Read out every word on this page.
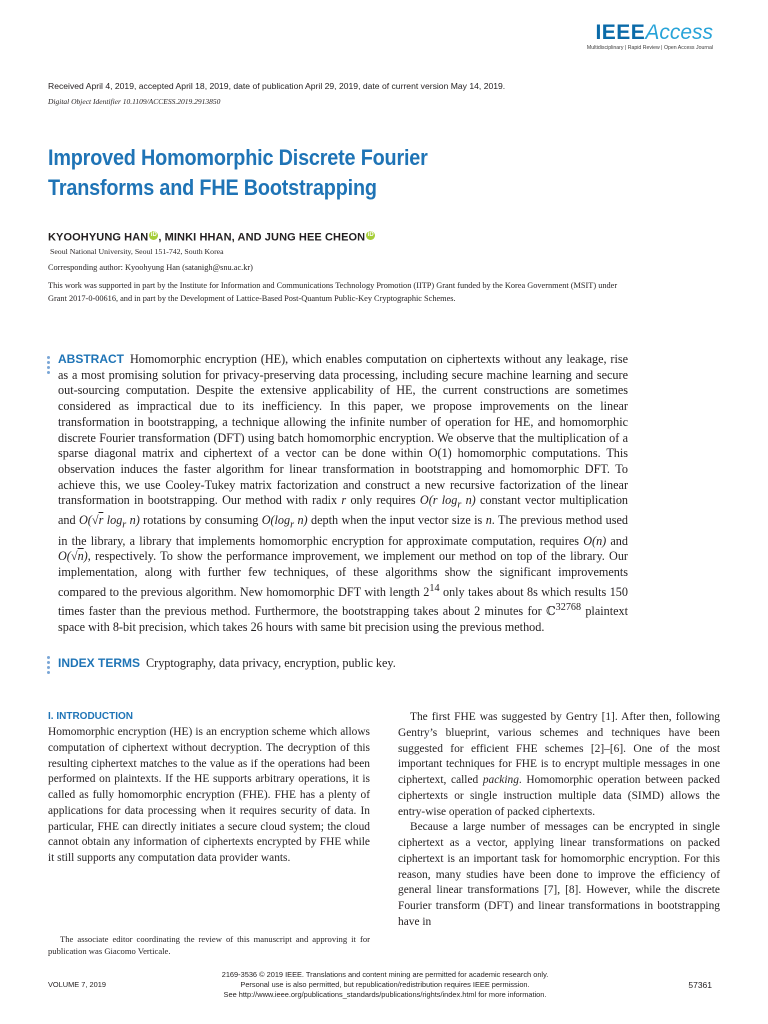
IEEEAccess
Multidisciplinary | Rapid Review | Open Access Journal
Received April 4, 2019, accepted April 18, 2019, date of publication April 29, 2019, date of current version May 14, 2019.
Digital Object Identifier 10.1109/ACCESS.2019.2913850
Improved Homomorphic Discrete Fourier
Transforms and FHE Bootstrapping
KYOOHYUNG HAN iD, MINKI HHAN, AND JUNG HEE CHEON iD
Seoul National University, Seoul 151-742, South Korea
Corresponding author: Kyoohyung Han (satanigh@snu.ac.kr)
This work was supported in part by the Institute for Information and Communications Technology Promotion (IITP) Grant funded by the Korea Government (MSIT) under Grant 2017-0-00616, and in part by the Development of Lattice-Based Post-Quantum Public-Key Cryptographic Schemes.
ABSTRACT Homomorphic encryption (HE), which enables computation on ciphertexts without any leakage, rise as a most promising solution for privacy-preserving data processing, including secure machine learning and secure out-sourcing computation. Despite the extensive applicability of HE, the current constructions are sometimes considered as impractical due to its inefficiency. In this paper, we propose improvements on the linear transformation in bootstrapping, a technique allowing the infinite number of operation for HE, and homomorphic discrete Fourier transformation (DFT) using batch homomorphic encryption. We observe that the multiplication of a sparse diagonal matrix and ciphertext of a vector can be done within O(1) homomorphic computations. This observation induces the faster algorithm for linear transformation in bootstrapping and homomorphic DFT. To achieve this, we use Cooley-Tukey matrix factorization and construct a new recursive factorization of the linear transformation in bootstrapping. Our method with radix r only requires O(r $\log_r n$) constant vector multiplication and O(√r $\log_r n$) rotations by consuming $O(\log_r$ n) depth when the input vector size is n. The previous method used in the library, a library that implements homomorphic encryption for approximate computation, requires O(n) and O(√n), respectively. To show the performance improvement, we implement our method on top of the library. Our implementation, along with further few techniques, of these algorithms show the significant improvements compared to the previous algorithm. New homomorphic DFT with length $2^{14}$ only takes about 8s which results 150 times faster than the previous method. Furthermore, the bootstrapping takes about 2 minutes for ℂ$^{32768}$ plaintext space with 8-bit precision, which takes 26 hours with same bit precision using the previous method.
INDEX TERMS Cryptography, data privacy, encryption, public key.
I. INTRODUCTION

Homomorphic encryption (HE) is an encryption scheme which allows computation of ciphertext without decryption. The decryption of this resulting ciphertext matches to the value as if the operations had been performed on plaintexts. If the HE supports arbitrary operations, it is called as fully homomorphic encryption (FHE). FHE has a plenty of applications for data processing when it requires security of data. In particular, FHE can directly initiates a secure cloud system; the cloud cannot obtain any information of ciphertexts encrypted by FHE while it still supports any computation data provider wants.

The first FHE was suggested by Gentry [1]. After then, following Gentry’s blueprint, various schemes and techniques have been suggested for efficient FHE schemes [2]–[6]. One of the most important techniques for FHE is to encrypt multiple messages in one ciphertext, called packing. Homomorphic operation between packed ciphertexts or single instruction multiple data (SIMD) allows the entry-wise operation of packed ciphertexts.

Because a large number of messages can be encrypted in single ciphertext as a vector, applying linear transformations on packed ciphertext is an important task for homomorphic encryption. For this reason, many studies have been done to improve the efficiency of general linear transformations [7], [8]. However, while the discrete Fourier transform (DFT) and linear transformations in bootstrapping have in

The associate editor coordinating the review of this manuscript and approving it for publication was Giacomo Verticale.
VOLUME 7, 2019
2169-3536 © 2019 IEEE. Translations and content mining are permitted for academic research only.
Personal use is also permitted, but republication/redistribution requires IEEE permission.
See http://www.ieee.org/publications_standards/publications/rights/index.html for more information.
57361
